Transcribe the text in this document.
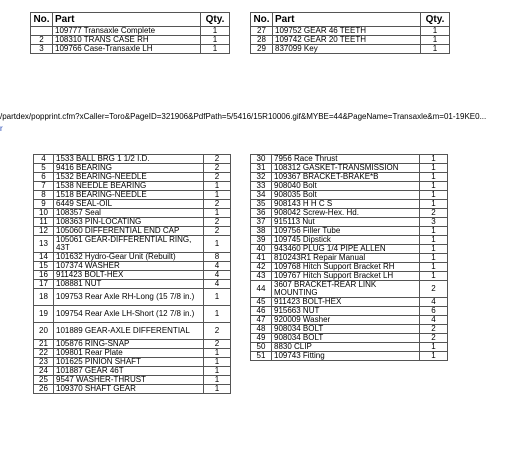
No.	Part	Qty.
	109777 Transaxle Complete	1
2	108310 TRANS CASE RH	1
3	109766 Case-Transaxle LH	1
No.	Part	Qty.
27	109752 GEAR 46 TEETH	1
28	109742 GEAR 20 TEETH	1
29	837099 Key	1
/partdex/popprint.cfm?xCaller=Toro&PageID=321906&PdfPath=5/5416/15R10006.gif&MYBE=44&PageName=Transaxle&m=01-19KE0...
r
4	1533 BALL BRG 1 1/2 I.D.	2
5	9416 BEARING	2
6	1532 BEARING-NEEDLE	2
7	1538 NEEDLE BEARING	1
8	1518 BEARING-NEEDLE	1
9	6449 SEAL-OIL	2
10	108357 Seal	1
11	108363 PIN-LOCATING	2
12	105060 DIFFERENTIAL END CAP	2
13	105061 GEAR-DIFFERENTIAL RING, 43T	1
14	101632 Hydro-Gear Unit (Rebuilt)	8
15	107374 WASHER	4
16	911423 BOLT-HEX	4
17	108881 NUT	4
18	109753 Rear Axle RH-Long (15 7/8 in.)	1
19	109754 Rear Axle LH-Short (12 7/8 in.)	1
20	101889 GEAR-AXLE DIFFERENTIAL	2
21	105876 RING-SNAP	2
22	109801 Rear Plate	1
23	101625 PINION SHAFT	1
24	101887 GEAR 46T	1
25	9547 WASHER-THRUST	1
26	109370 SHAFT GEAR	1
30	7956 Race Thrust	1
31	108312 GASKET-TRANSMISSION	1
32	109367 BRACKET-BRAKE*B	1
33	908040 Bolt	1
34	908035 Bolt	1
35	908143 H H C S	1
36	908042 Screw-Hex. Hd.	2
37	915113 Nut	3
38	109756 Filler Tube	1
39	109745 Dipstick	1
40	943460 PLUG 1/4 PIPE ALLEN	1
41	810243R1 Repair Manual	1
42	109768 Hitch Support Bracket RH	1
43	109767 Hitch Support Bracket LH	1
44	3607 BRACKET-REAR LINK MOUNTING	2
45	911423 BOLT-HEX	4
46	915663 NUT	6
47	920009 Washer	4
48	908034 BOLT	2
49	908034 BOLT	2
50	8830 CLIP	1
51	109743 Fitting	1
